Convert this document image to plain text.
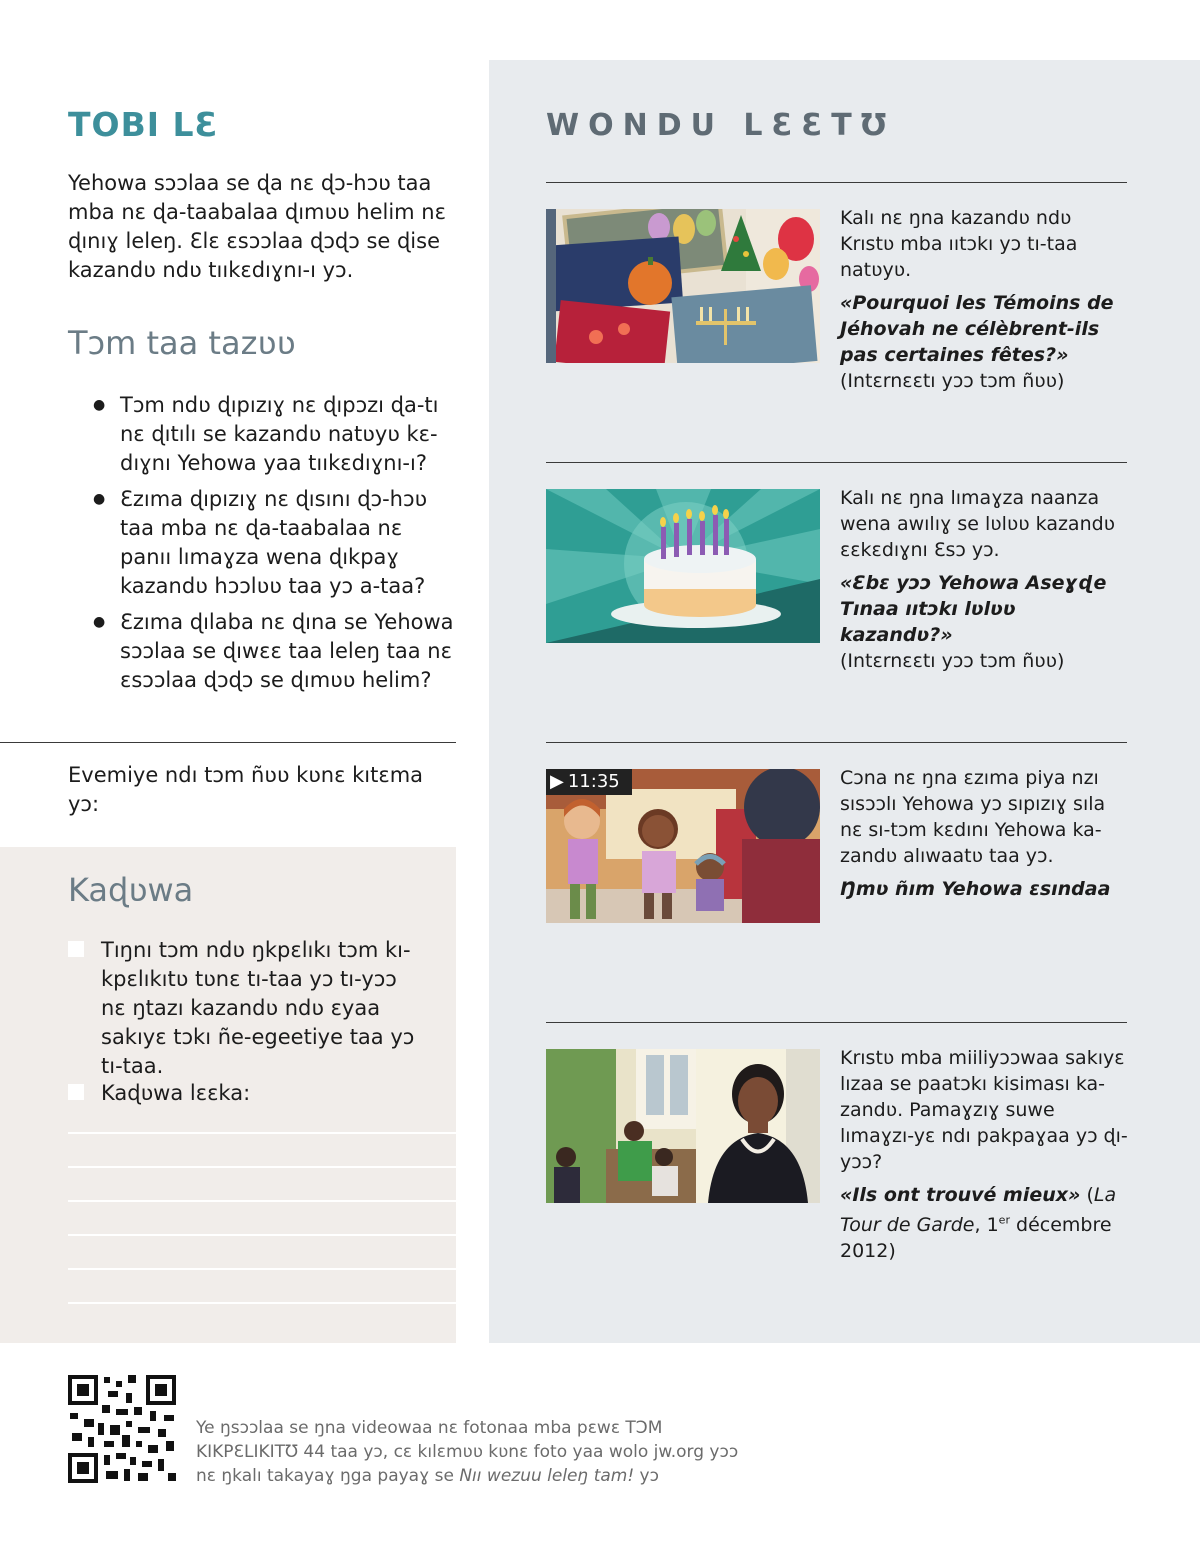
TOBI LƐ
Yehowa sɔɔlaa se ɖa nɛ ɖɔ-hɔʋ taa mba nɛ ɖa-taabalaa ɖımʋʋ helim nɛ ɖınıɣ leleŋ. Ɛlɛ ɛsɔɔlaa ɖɔɖɔ se ɖise kazandʋ ndʋ tııkɛdıɣnı-ı yɔ.
Tɔm taa tazʋʋ
● Tɔm ndʋ ɖıpızıɣ nɛ ɖıpɔzı ɖa-tı nɛ ɖıtılı se kazandʋ natʋyʋ kɛ-dıɣnı Yehowa yaa tııkɛdıɣnı-ı?
● Ɛzıma ɖıpızıɣ nɛ ɖısını ɖɔ-hɔʋ taa mba nɛ ɖa-taabalaa nɛ panıı lımaɣza wena ɖıkpaɣ kazandʋ hɔɔlʋʋ taa yɔ a-taa?
● Ɛzıma ɖılaba nɛ ɖına se Yehowa sɔɔlaa se ɖıwɛɛ taa leleŋ taa nɛ ɛsɔɔlaa ɖɔɖɔ se ɖımʋʋ helim?
Evemiye ndı tɔm ñʋʋ kʋnɛ kıtɛma yɔ:
Kaɖʋwa
Tıŋnı tɔm ndʋ ŋkpɛlıkı tɔm kı-kpɛlıkıtʋ tʋnɛ tı-taa yɔ tı-yɔɔ nɛ ŋtazı kazandʋ ndʋ ɛyaa sakıyɛ tɔkı ñe-egeetiye taa yɔ tı-taa.
Kaɖʋwa lɛɛka:
WONDU LƐƐTƱ
Kalı nɛ ŋna kazandʋ ndʋ Krıstʋ mba ııtɔkı yɔ tı-taa natʋyʋ.
«Pourquoi les Témoins de Jéhovah ne célèbrent-ils pas certaines fêtes?» (Intɛrnɛɛtı yɔɔ tɔm ñʋʋ)
Kalı nɛ ŋna lımaɣza naanza wena awılıɣ se lʋlʋʋ kazandʋ ɛɛkɛdıɣnı Ɛsɔ yɔ.
«Ɛbɛ yɔɔ Yehowa Aseɣɖe Tınaa ııtɔkı lʋlʋʋ kazandʋ?»
(Intɛrnɛɛtı yɔɔ tɔm ñʋʋ)
▶ 11:35	Cɔna nɛ ŋna ɛzıma piya nzı sısɔɔlı Yehowa yɔ sıpızıɣ sıla nɛ sı-tɔm kɛdını Yehowa ka-zandʋ alıwaatʋ taa yɔ.
Ŋmʋ ñım Yehowa ɛsındaa
Krıstʋ mba miiliyɔɔwaa sakıyɛ lızaa se paatɔkı kisiması ka-zandʋ. Pamaɣzıɣ suwe lımaɣzı-yɛ ndı pakpaɣaa yɔ ɖı-yɔɔ?
«Ils ont trouvé mieux» (La Tour de Garde, 1er décembre 2012)
Ye ŋsɔɔlaa se ŋna videowaa nɛ fotonaa mba pɛwɛ TƆM KIKPƐLIKITƱ 44 taa yɔ, cɛ kılɛmʋʋ kʋnɛ foto yaa wolo jw.org yɔɔ nɛ ŋkalı takayaɣ ŋga payaɣ se Nıı wezuu leleŋ tam! yɔ
